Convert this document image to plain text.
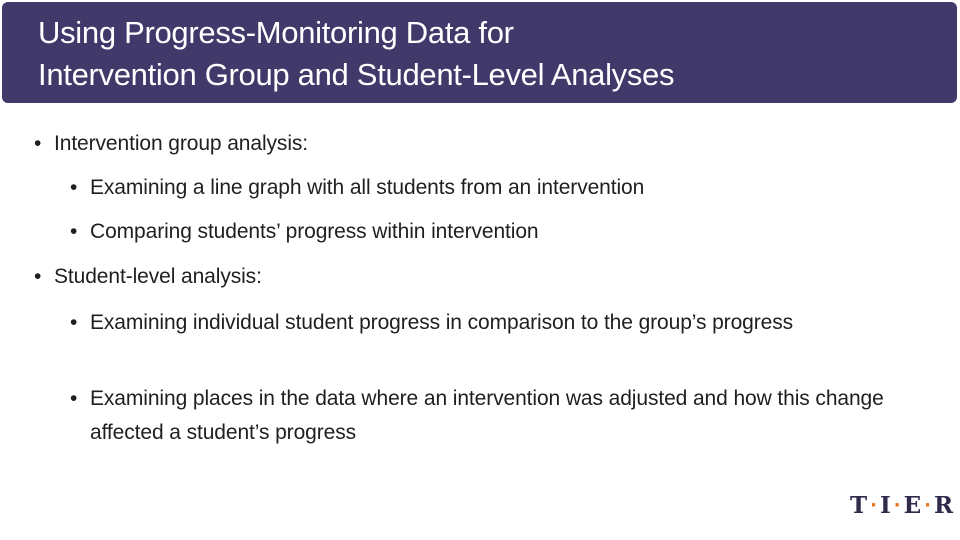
Using Progress-Monitoring Data for
Intervention Group and Student-Level Analyses
• Intervention group analysis:
• Examining a line graph with all students from an intervention
• Comparing students’ progress within intervention
• Student-level analysis:
• Examining individual student progress in comparison to the group’s progress
• Examining places in the data where an intervention was adjusted and how this change affected a student’s progress
T · I · E · R
